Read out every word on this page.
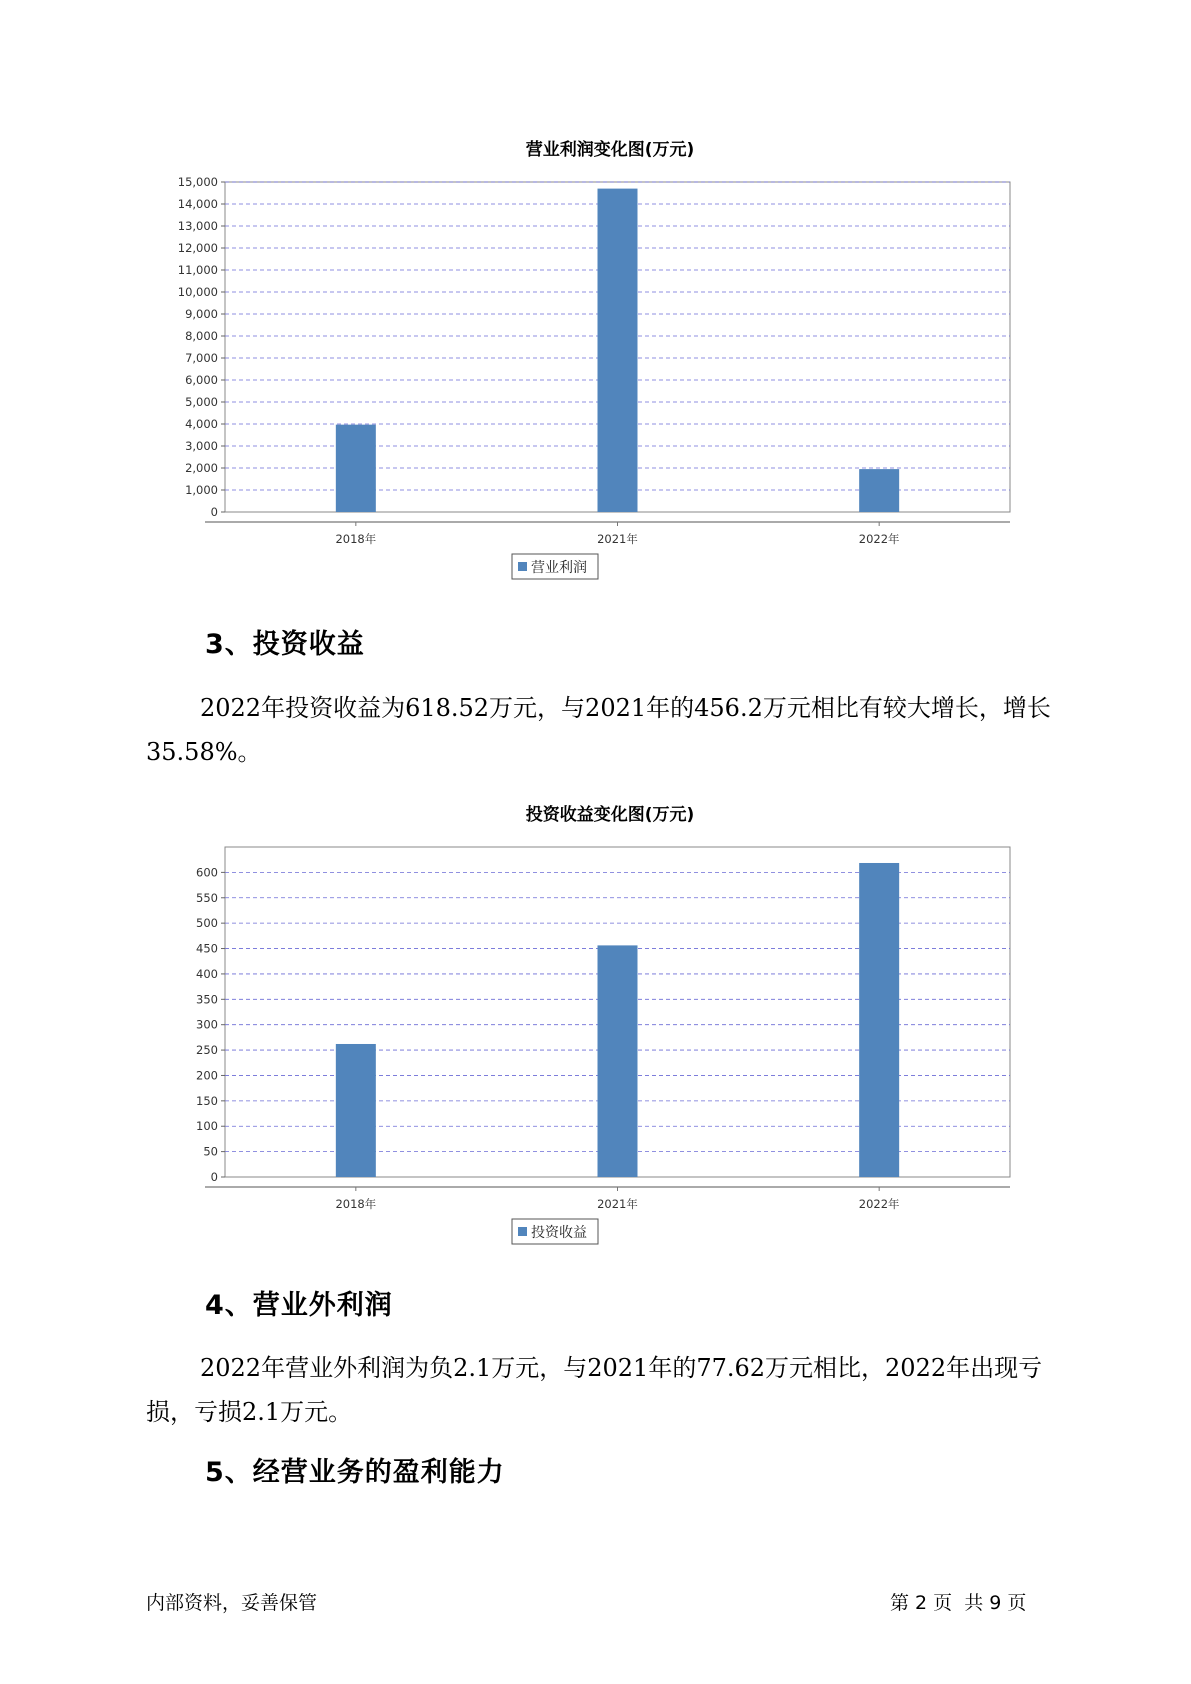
营业利润变化图(万元)
0
1,000
2,000
3,000
4,000
5,000
6,000
7,000
8,000
9,000
10,000
11,000
12,000
13,000
14,000
15,000
2018年	2021年	2022年
营业利润
3、投资收益

2022年投资收益为618.52万元，与2021年的456.2万元相比有较大增长，增长35.58%。

投资收益变化图(万元)
0
50
100
150
200
250
300
350
400
450
500
550
600
2018年	2021年	2022年
投资收益
4、营业外利润

2022年营业外利润为负2.1万元，与2021年的77.62万元相比，2022年出现亏损，亏损2.1万元。

5、经营业务的盈利能力
内部资料，妥善保管	第 2 页  共 9 页
